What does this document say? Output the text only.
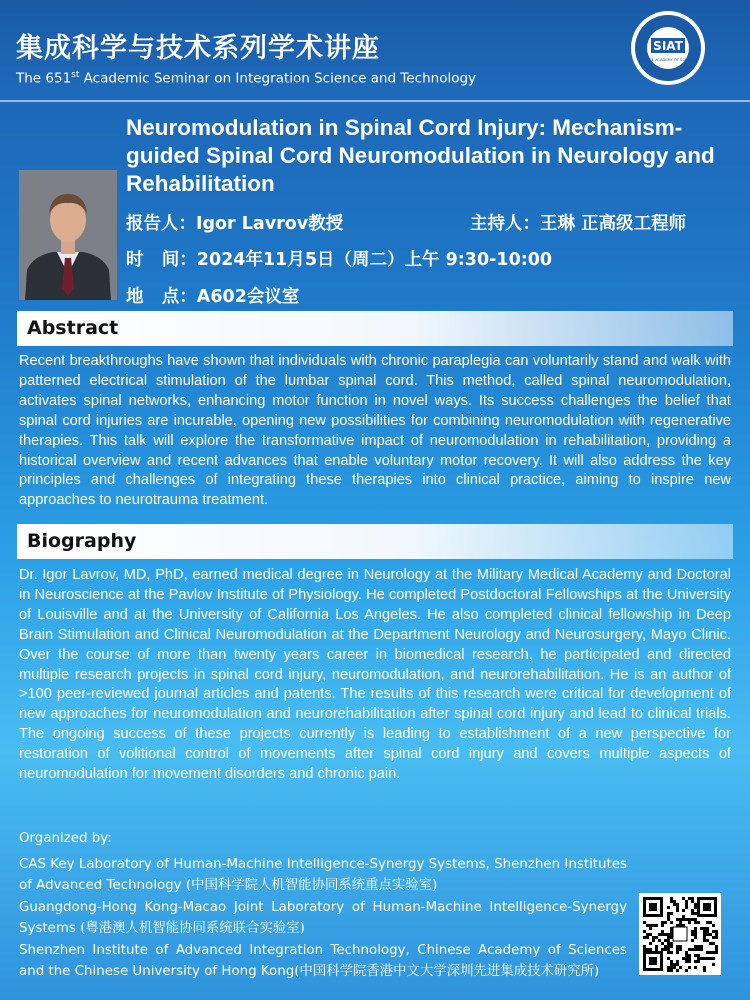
集成科学与技术系列学术讲座
The 651st Academic Seminar on Integration Science and Technology
SIAT
CHINESE ACADEMY OF SCIENCES
Neuromodulation in Spinal Cord Injury: Mechanism-guided Spinal Cord Neuromodulation in Neurology and Rehabilitation
报告人：Igor Lavrov教授	主持人：王琳 正高级工程师
时   间：2024年11月5日（周二）上午 9:30-10:00
地   点：A602会议室
Abstract
Recent breakthroughs have shown that individuals with chronic paraplegia can voluntarily stand and walk with patterned electrical stimulation of the lumbar spinal cord. This method, called spinal neuromodulation, activates spinal networks, enhancing motor function in novel ways. Its success challenges the belief that spinal cord injuries are incurable, opening new possibilities for combining neuromodulation with regenerative therapies. This talk will explore the transformative impact of neuromodulation in rehabilitation, providing a historical overview and recent advances that enable voluntary motor recovery. It will also address the key principles and challenges of integrating these therapies into clinical practice, aiming to inspire new approaches to neurotrauma treatment.
Biography
Dr. Igor Lavrov, MD, PhD, earned medical degree in Neurology at the Military Medical Academy and Doctoral in Neuroscience at the Pavlov Institute of Physiology. He completed Postdoctoral Fellowships at the University of Louisville and at the University of California Los Angeles. He also completed clinical fellowship in Deep Brain Stimulation and Clinical Neuromodulation at the Department Neurology and Neurosurgery, Mayo Clinic. Over the course of more than twenty years career in biomedical research, he participated and directed multiple research projects in spinal cord injury, neuromodulation, and neurorehabilitation. He is an author of >100 peer-reviewed journal articles and patents. The results of this research were critical for development of new approaches for neuromodulation and neurorehabilitation after spinal cord injury and lead to clinical trials. The ongoing success of these projects currently is leading to establishment of a new perspective for restoration of volitional control of movements after spinal cord injury and covers multiple aspects of neuromodulation for movement disorders and chronic pain.
Organized by:
CAS Key Laboratory of Human-Machine Intelligence-Synergy Systems, Shenzhen Institutes of Advanced Technology (中国科学院人机智能协同系统重点实验室)
Guangdong-Hong Kong-Macao Joint Laboratory of Human-Machine Intelligence-Synergy Systems (粤港澳人机智能协同系统联合实验室)
Shenzhen Institute of Advanced Integration Technology, Chinese Academy of Sciences and the Chinese University of Hong Kong(中国科学院香港中文大学深圳先进集成技术研究所)
